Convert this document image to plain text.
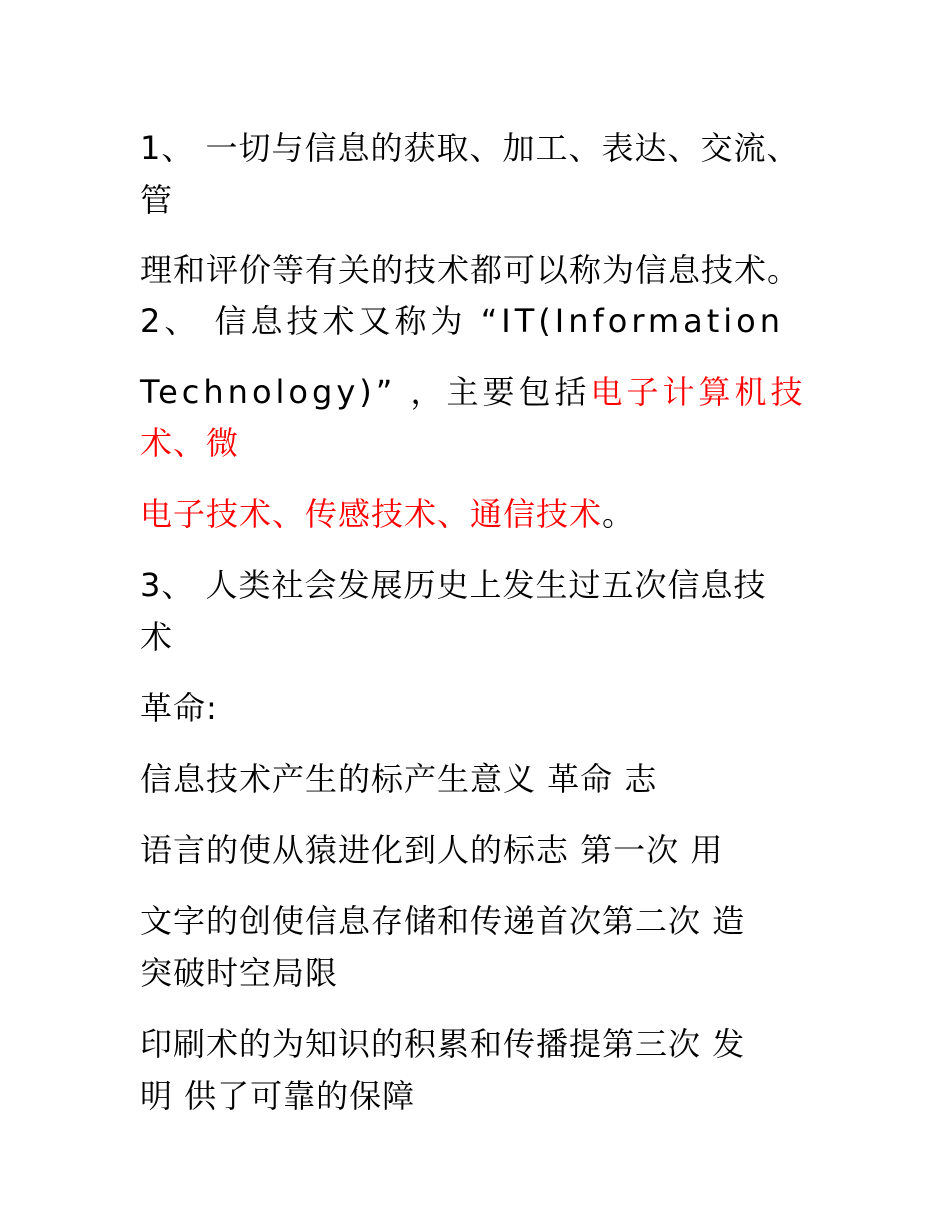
1、 一切与信息的获取、加工、表达、交流、
管
理和评价等有关的技术都可以称为信息技术。
2、 信息技术又称为 “IT(Information
Technology)” ，主要包括电子计算机技
术、微
电子技术、传感技术、通信技术。
3、 人类社会发展历史上发生过五次信息技
术
革命:
信息技术产生的标产生意义 革命 志
语言的使从猿进化到人的标志 第一次 用
文字的创使信息存储和传递首次第二次 造
突破时空局限
印刷术的为知识的积累和传播提第三次 发
明 供了可靠的保障
